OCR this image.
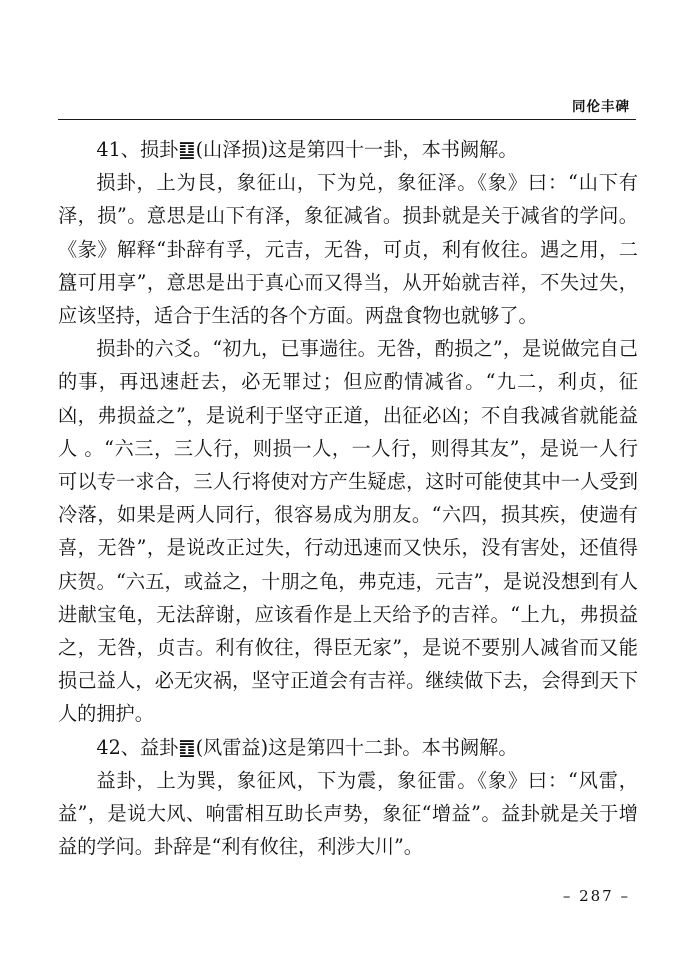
同伦丰碑

41、损卦䷨(山泽损)这是第四十一卦，本书阙解。

损卦，上为艮，象征山，下为兑，象征泽。《象》曰：“山下有泽，损”。意思是山下有泽，象征减省。损卦就是关于减省的学问。《彖》解释“卦辞有孚，元吉，无咎，可贞，利有攸往。遇之用，二簋可用享”，意思是出于真心而又得当，从开始就吉祥，不失过失，应该坚持，适合于生活的各个方面。两盘食物也就够了。

损卦的六爻。“初九，已事遄往。无咎，酌损之”，是说做完自己的事，再迅速赶去，必无罪过；但应酌情减省。“九二，利贞，征凶，弗损益之”，是说利于坚守正道，出征必凶；不自我减省就能益人 。“六三，三人行，则损一人，一人行，则得其友”，是说一人行可以专一求合，三人行将使对方产生疑虑，这时可能使其中一人受到冷落，如果是两人同行，很容易成为朋友。“六四，损其疾，使遄有喜，无咎”，是说改正过失，行动迅速而又快乐，没有害处，还值得庆贺。“六五，或益之，十朋之龟，弗克违，元吉”，是说没想到有人进献宝龟，无法辞谢，应该看作是上天给予的吉祥。“上九，弗损益之，无咎，贞吉。利有攸往，得臣无家”，是说不要别人减省而又能损己益人，必无灾祸，坚守正道会有吉祥。继续做下去，会得到天下人的拥护。

42、益卦䷩(风雷益)这是第四十二卦。本书阙解。

益卦，上为巽，象征风，下为震，象征雷。《象》曰：“风雷，益”，是说大风、响雷相互助长声势，象征“增益”。益卦就是关于增益的学问。卦辞是“利有攸往，利涉大川”。

– 287 –
